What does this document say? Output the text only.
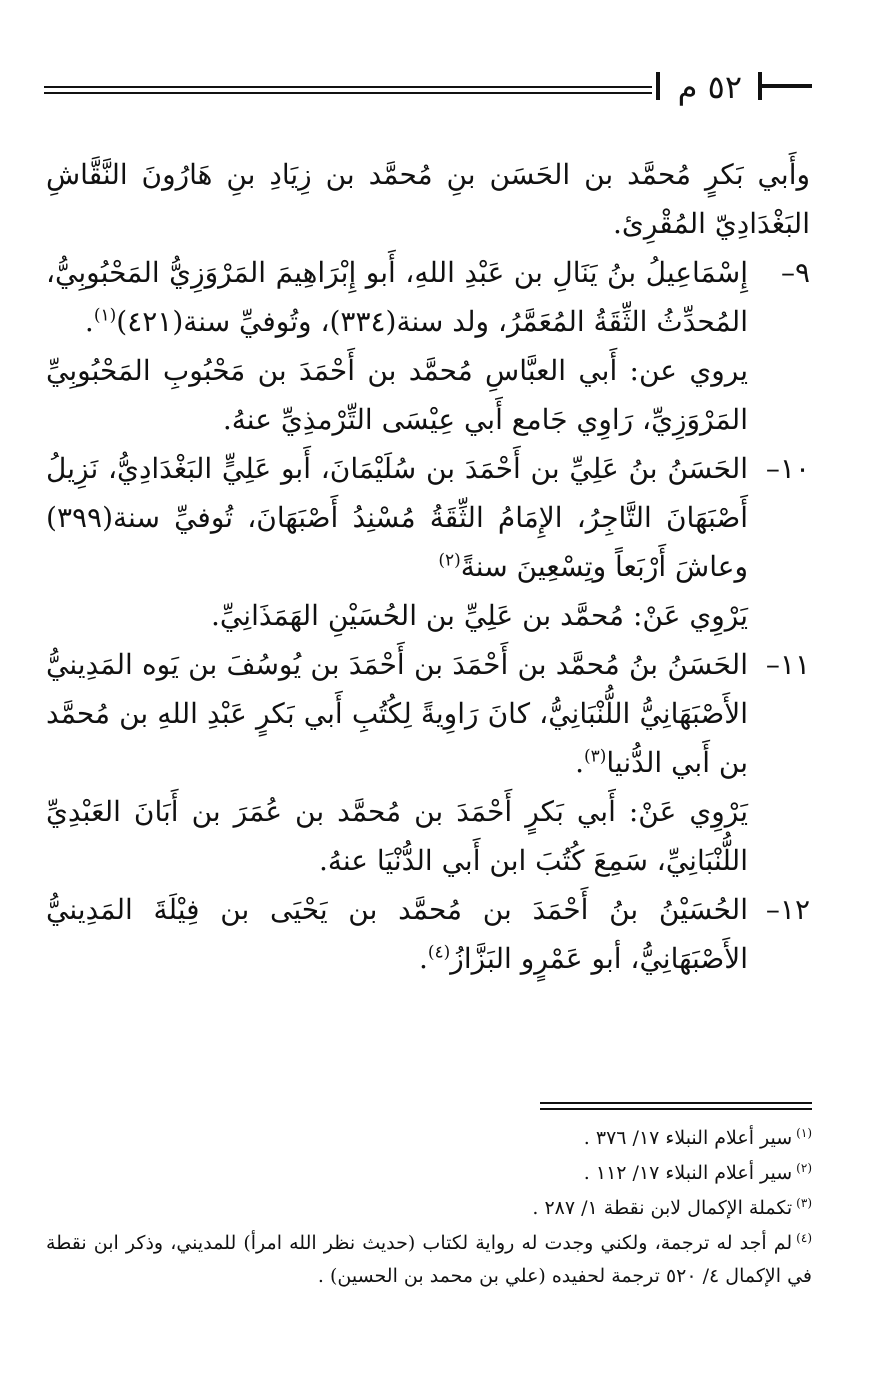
٥٢ م

وأَبي بَكرٍ مُحمَّد بن الحَسَن بنِ مُحمَّد بن زِيَادِ بنِ هَارُونَ النَّقَّاشِ البَغْدَادِيّ المُقْرِئ.

٩–
إِسْمَاعِيلُ بنُ يَنَالِ بن عَبْدِ اللهِ، أَبو إِبْرَاهِيمَ المَرْوَزِيُّ المَحْبُوبِيُّ، المُحدِّثُ الثِّقَةُ المُعَمَّرُ، ولد سنة(٣٣٤)، وتُوفيِّ سنة(٤٢١)$^{(١)}$.

يروي عن: أَبي العبَّاسِ مُحمَّد بن أَحْمَدَ بن مَحْبُوبِ المَحْبُوبِيِّ المَرْوَزِيِّ، رَاوِي جَامع أَبي عِيْسَى التِّرْمذِيِّ عنهُ.

١٠–
الحَسَنُ بنُ عَلِيِّ بن أَحْمَدَ بن سُلَيْمَانَ، أَبو عَلِيٍّ البَغْدَادِيُّ، نَزِيلُ أَصْبَهَانَ التَّاجِرُ، الإِمَامُ الثِّقَةُ مُسْنِدُ أَصْبَهَانَ، تُوفيِّ سنة(٣٩٩) وعاشَ أَرْبَعاً وتِسْعِينَ سنةً$^{(٢)}$

يَرْوِي عَنْ: مُحمَّد بن عَلِيِّ بن الحُسَيْنِ الهَمَذَانِيِّ.

١١–
الحَسَنُ بنُ مُحمَّد بن أَحْمَدَ بن أَحْمَدَ بن يُوسُفَ بن يَوه المَدِينيُّ الأَصْبَهَانِيُّ اللُّنْبَانِيُّ، كانَ رَاوِيةً لِكُتُبِ أَبي بَكرٍ عَبْدِ اللهِ بن مُحمَّد بن أَبي الدُّنيا$^{(٣)}$.

يَرْوِي عَنْ: أَبي بَكرٍ أَحْمَدَ بن مُحمَّد بن عُمَرَ بن أَبَانَ العَبْدِيِّ اللُّنْبَانِيِّ، سَمِعَ كُتُبَ ابن أَبي الدُّنْيَا عنهُ.

١٢–
الحُسَيْنُ بنُ أَحْمَدَ بن مُحمَّد بن يَحْيَى بن فِيْلَةَ المَدِينيُّ الأَصْبَهَانِيُّ، أبو عَمْرٍو البَزَّازُ$^{(٤)}$.

$^{(١)}$سير أعلام النبلاء ١٧/ ٣٧٦ .

$^{(٢)}$سير أعلام النبلاء ١٧/ ١١٢ .

$^{(٣)}$تكملة الإكمال لابن نقطة ١/ ٢٨٧ .

$^{(٤)}$لم أجد له ترجمة، ولكني وجدت له رواية لكتاب (حديث نظر الله امرأ) للمديني، وذكر ابن نقطة في الإكمال ٤/ ٥٢٠ ترجمة لحفيده (علي بن محمد بن الحسين) .
